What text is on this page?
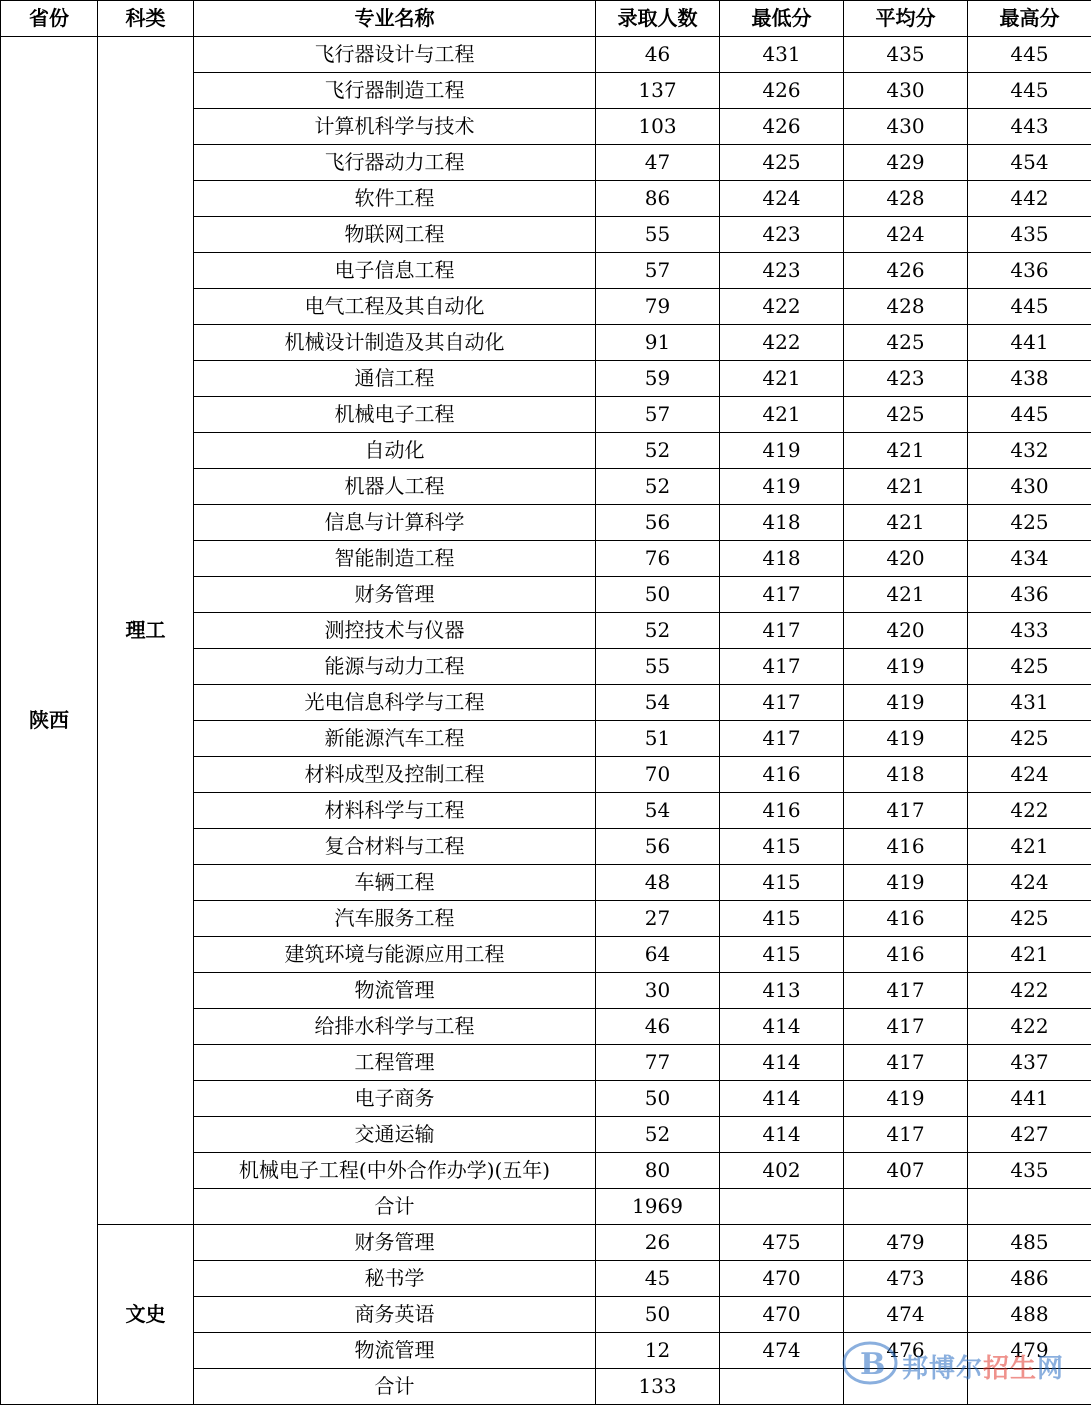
省份	科类	专业名称	录取人数	最低分	平均分	最高分
陕西	理工	飞行器设计与工程	46	431	435	445
		飞行器制造工程	137	426	430	445
		计算机科学与技术	103	426	430	443
		飞行器动力工程	47	425	429	454
		软件工程	86	424	428	442
		物联网工程	55	423	424	435
		电子信息工程	57	423	426	436
		电气工程及其自动化	79	422	428	445
		机械设计制造及其自动化	91	422	425	441
		通信工程	59	421	423	438
		机械电子工程	57	421	425	445
		自动化	52	419	421	432
		机器人工程	52	419	421	430
		信息与计算科学	56	418	421	425
		智能制造工程	76	418	420	434
		财务管理	50	417	421	436
		测控技术与仪器	52	417	420	433
		能源与动力工程	55	417	419	425
		光电信息科学与工程	54	417	419	431
		新能源汽车工程	51	417	419	425
		材料成型及控制工程	70	416	418	424
		材料科学与工程	54	416	417	422
		复合材料与工程	56	415	416	421
		车辆工程	48	415	419	424
		汽车服务工程	27	415	416	425
		建筑环境与能源应用工程	64	415	416	421
		物流管理	30	413	417	422
		给排水科学与工程	46	414	417	422
		工程管理	77	414	417	437
		电子商务	50	414	419	441
		交通运输	52	414	417	427
		机械电子工程(中外合作办学)(五年)	80	402	407	435
		合计	1969			
	文史	财务管理	26	475	479	485
		秘书学	45	470	473	486
		商务英语	50	470	474	488
		物流管理	12	474	476	479
		合计	133			
B 邦博尔招生网
